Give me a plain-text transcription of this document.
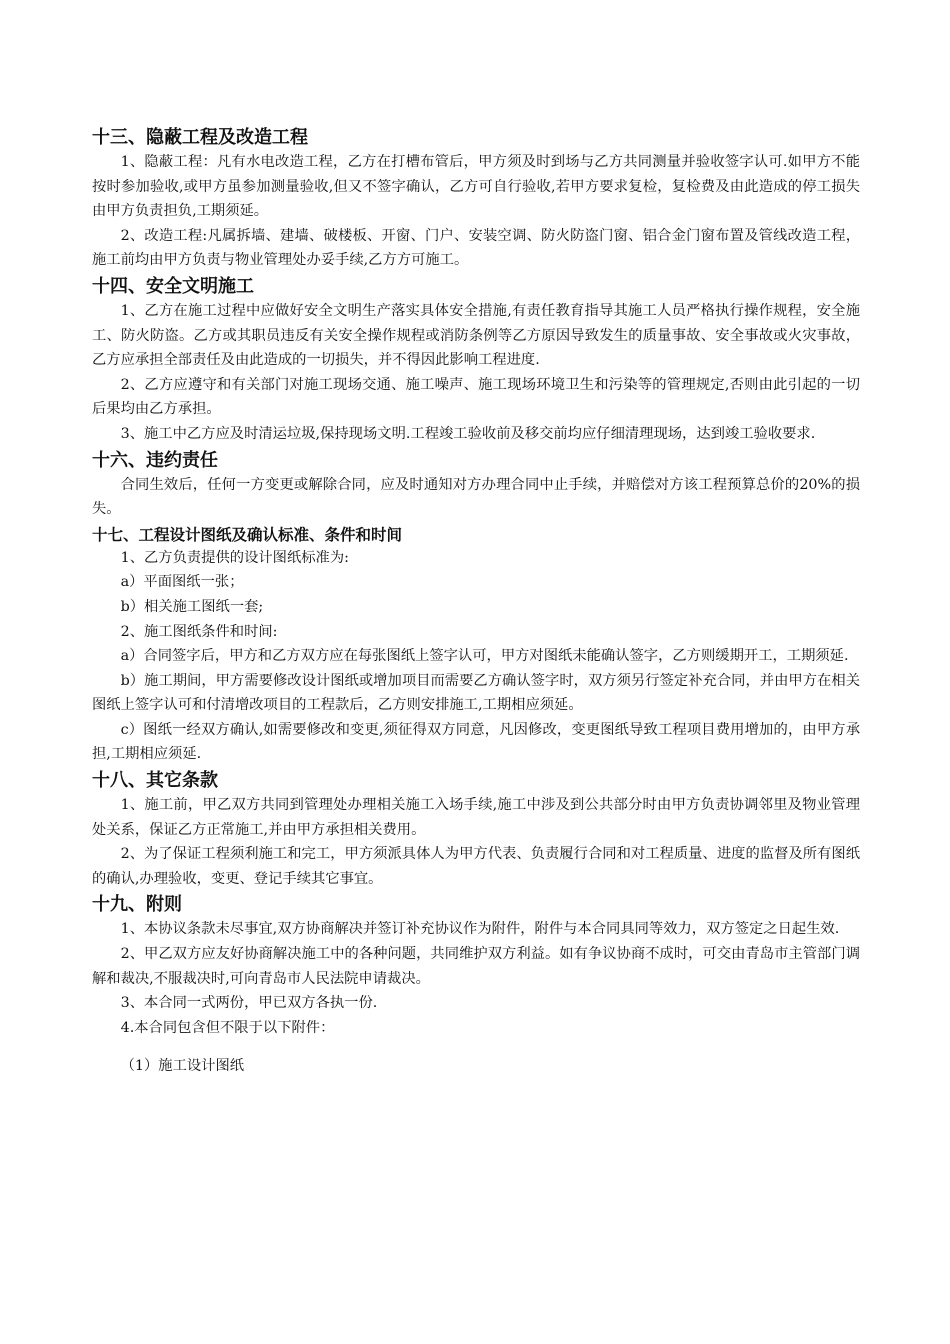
十三、隐蔽工程及改造工程

1、隐蔽工程：凡有水电改造工程，乙方在打槽布管后，甲方须及时到场与乙方共同测量并验收签字认可.如甲方不能按时参加验收,或甲方虽参加测量验收,但又不签字确认，乙方可自行验收,若甲方要求复检，复检费及由此造成的停工损失由甲方负责担负,工期须延。

2、改造工程:凡属拆墙、建墙、破楼板、开窗、门户、安装空调、防火防盗门窗、铝合金门窗布置及管线改造工程，施工前均由甲方负责与物业管理处办妥手续,乙方方可施工。

十四、安全文明施工

1、乙方在施工过程中应做好安全文明生产落实具体安全措施,有责任教育指导其施工人员严格执行操作规程，安全施工、防火防盗。乙方或其职员违反有关安全操作规程或消防条例等乙方原因导致发生的质量事故、安全事故或火灾事故，乙方应承担全部责任及由此造成的一切损失，并不得因此影响工程进度.

2、乙方应遵守和有关部门对施工现场交通、施工噪声、施工现场环境卫生和污染等的管理规定,否则由此引起的一切后果均由乙方承担。

3、施工中乙方应及时清运垃圾,保持现场文明.工程竣工验收前及移交前均应仔细清理现场，达到竣工验收要求.

十六、违约责任

合同生效后，任何一方变更或解除合同，应及时通知对方办理合同中止手续，并赔偿对方该工程预算总价的20%的损失。

十七、工程设计图纸及确认标准、条件和时间

1、乙方负责提供的设计图纸标准为:

a）平面图纸一张；

b）相关施工图纸一套;

2、施工图纸条件和时间:

a）合同签字后，甲方和乙方双方应在每张图纸上签字认可，甲方对图纸未能确认签字，乙方则缓期开工，工期须延.

b）施工期间，甲方需要修改设计图纸或增加项目而需要乙方确认签字时，双方须另行签定补充合同，并由甲方在相关图纸上签字认可和付清增改项目的工程款后，乙方则安排施工,工期相应须延。

c）图纸一经双方确认,如需要修改和变更,须征得双方同意，凡因修改，变更图纸导致工程项目费用增加的，由甲方承担,工期相应须延.

十八、其它条款

1、施工前，甲乙双方共同到管理处办理相关施工入场手续,施工中涉及到公共部分时由甲方负责协调邻里及物业管理处关系，保证乙方正常施工,并由甲方承担相关费用。

2、为了保证工程须利施工和完工，甲方须派具体人为甲方代表、负责履行合同和对工程质量、进度的监督及所有图纸的确认,办理验收，变更、登记手续其它事宜。

十九、附则

1、本协议条款未尽事宜,双方协商解决并签订补充协议作为附件，附件与本合同具同等效力，双方签定之日起生效.

2、甲乙双方应友好协商解决施工中的各种问题，共同维护双方利益。如有争议协商不成时，可交由青岛市主管部门调解和裁决,不服裁决时,可向青岛市人民法院申请裁决。

3、本合同一式两份，甲已双方各执一份.

4.本合同包含但不限于以下附件：

（1）施工设计图纸
